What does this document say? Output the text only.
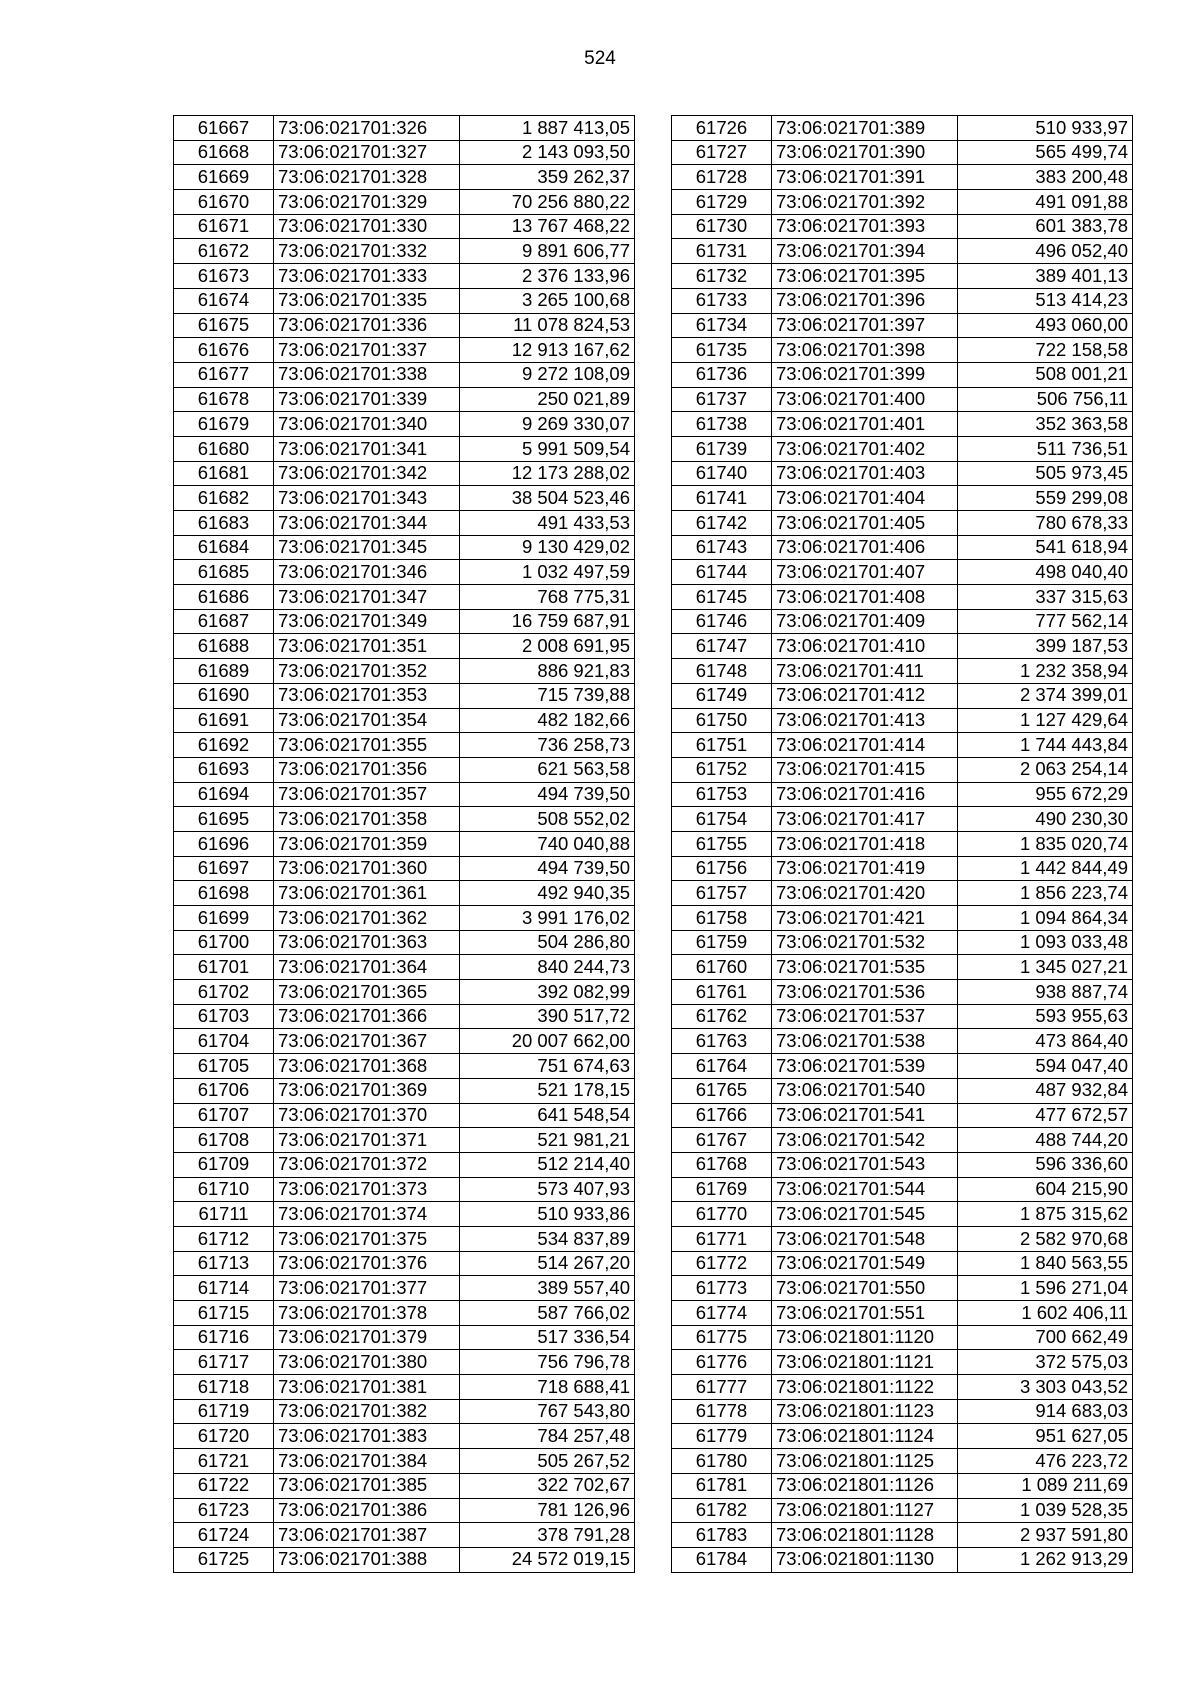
524
61667	73:06:021701:326	1 887 413,05
61668	73:06:021701:327	2 143 093,50
61669	73:06:021701:328	359 262,37
61670	73:06:021701:329	70 256 880,22
61671	73:06:021701:330	13 767 468,22
61672	73:06:021701:332	9 891 606,77
61673	73:06:021701:333	2 376 133,96
61674	73:06:021701:335	3 265 100,68
61675	73:06:021701:336	11 078 824,53
61676	73:06:021701:337	12 913 167,62
61677	73:06:021701:338	9 272 108,09
61678	73:06:021701:339	250 021,89
61679	73:06:021701:340	9 269 330,07
61680	73:06:021701:341	5 991 509,54
61681	73:06:021701:342	12 173 288,02
61682	73:06:021701:343	38 504 523,46
61683	73:06:021701:344	491 433,53
61684	73:06:021701:345	9 130 429,02
61685	73:06:021701:346	1 032 497,59
61686	73:06:021701:347	768 775,31
61687	73:06:021701:349	16 759 687,91
61688	73:06:021701:351	2 008 691,95
61689	73:06:021701:352	886 921,83
61690	73:06:021701:353	715 739,88
61691	73:06:021701:354	482 182,66
61692	73:06:021701:355	736 258,73
61693	73:06:021701:356	621 563,58
61694	73:06:021701:357	494 739,50
61695	73:06:021701:358	508 552,02
61696	73:06:021701:359	740 040,88
61697	73:06:021701:360	494 739,50
61698	73:06:021701:361	492 940,35
61699	73:06:021701:362	3 991 176,02
61700	73:06:021701:363	504 286,80
61701	73:06:021701:364	840 244,73
61702	73:06:021701:365	392 082,99
61703	73:06:021701:366	390 517,72
61704	73:06:021701:367	20 007 662,00
61705	73:06:021701:368	751 674,63
61706	73:06:021701:369	521 178,15
61707	73:06:021701:370	641 548,54
61708	73:06:021701:371	521 981,21
61709	73:06:021701:372	512 214,40
61710	73:06:021701:373	573 407,93
61711	73:06:021701:374	510 933,86
61712	73:06:021701:375	534 837,89
61713	73:06:021701:376	514 267,20
61714	73:06:021701:377	389 557,40
61715	73:06:021701:378	587 766,02
61716	73:06:021701:379	517 336,54
61717	73:06:021701:380	756 796,78
61718	73:06:021701:381	718 688,41
61719	73:06:021701:382	767 543,80
61720	73:06:021701:383	784 257,48
61721	73:06:021701:384	505 267,52
61722	73:06:021701:385	322 702,67
61723	73:06:021701:386	781 126,96
61724	73:06:021701:387	378 791,28
61725	73:06:021701:388	24 572 019,15
61726	73:06:021701:389	510 933,97
61727	73:06:021701:390	565 499,74
61728	73:06:021701:391	383 200,48
61729	73:06:021701:392	491 091,88
61730	73:06:021701:393	601 383,78
61731	73:06:021701:394	496 052,40
61732	73:06:021701:395	389 401,13
61733	73:06:021701:396	513 414,23
61734	73:06:021701:397	493 060,00
61735	73:06:021701:398	722 158,58
61736	73:06:021701:399	508 001,21
61737	73:06:021701:400	506 756,11
61738	73:06:021701:401	352 363,58
61739	73:06:021701:402	511 736,51
61740	73:06:021701:403	505 973,45
61741	73:06:021701:404	559 299,08
61742	73:06:021701:405	780 678,33
61743	73:06:021701:406	541 618,94
61744	73:06:021701:407	498 040,40
61745	73:06:021701:408	337 315,63
61746	73:06:021701:409	777 562,14
61747	73:06:021701:410	399 187,53
61748	73:06:021701:411	1 232 358,94
61749	73:06:021701:412	2 374 399,01
61750	73:06:021701:413	1 127 429,64
61751	73:06:021701:414	1 744 443,84
61752	73:06:021701:415	2 063 254,14
61753	73:06:021701:416	955 672,29
61754	73:06:021701:417	490 230,30
61755	73:06:021701:418	1 835 020,74
61756	73:06:021701:419	1 442 844,49
61757	73:06:021701:420	1 856 223,74
61758	73:06:021701:421	1 094 864,34
61759	73:06:021701:532	1 093 033,48
61760	73:06:021701:535	1 345 027,21
61761	73:06:021701:536	938 887,74
61762	73:06:021701:537	593 955,63
61763	73:06:021701:538	473 864,40
61764	73:06:021701:539	594 047,40
61765	73:06:021701:540	487 932,84
61766	73:06:021701:541	477 672,57
61767	73:06:021701:542	488 744,20
61768	73:06:021701:543	596 336,60
61769	73:06:021701:544	604 215,90
61770	73:06:021701:545	1 875 315,62
61771	73:06:021701:548	2 582 970,68
61772	73:06:021701:549	1 840 563,55
61773	73:06:021701:550	1 596 271,04
61774	73:06:021701:551	1 602 406,11
61775	73:06:021801:1120	700 662,49
61776	73:06:021801:1121	372 575,03
61777	73:06:021801:1122	3 303 043,52
61778	73:06:021801:1123	914 683,03
61779	73:06:021801:1124	951 627,05
61780	73:06:021801:1125	476 223,72
61781	73:06:021801:1126	1 089 211,69
61782	73:06:021801:1127	1 039 528,35
61783	73:06:021801:1128	2 937 591,80
61784	73:06:021801:1130	1 262 913,29
